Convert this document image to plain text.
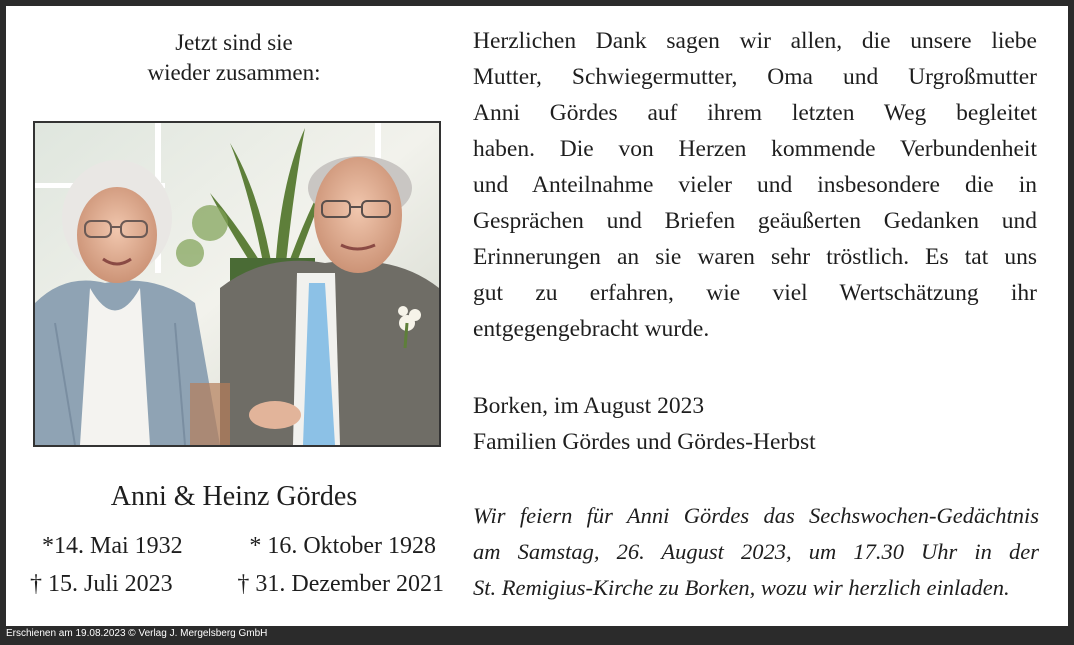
Jetzt sind sie
wieder zusammen:
Anni & Heinz Gördes
*14. Mai 1932	* 16. Oktober 1928
† 15. Juli 2023	† 31. Dezember 2021
Herzlichen Dank sagen wir allen, die unsere liebe
Mutter, Schwiegermutter, Oma und Urgroßmutter
Anni Gördes auf ihrem letzten Weg begleitet
haben. Die von Herzen kommende Verbundenheit
und Anteilnahme vieler und insbesondere die in
Gesprächen und Briefen geäußerten Gedanken und
Erinnerungen an sie waren sehr tröstlich. Es tat uns
gut zu erfahren, wie viel Wertschätzung ihr
entgegengebracht wurde.
Borken, im August 2023
Familien Gördes und Gördes-Herbst
Wir feiern für Anni Gördes das Sechswochen-Gedächtnis
am Samstag, 26. August 2023, um 17.30 Uhr in der
St. Remigius-Kirche zu Borken, wozu wir herzlich einladen.
Erschienen am 19.08.2023 © Verlag J. Mergelsberg GmbH
